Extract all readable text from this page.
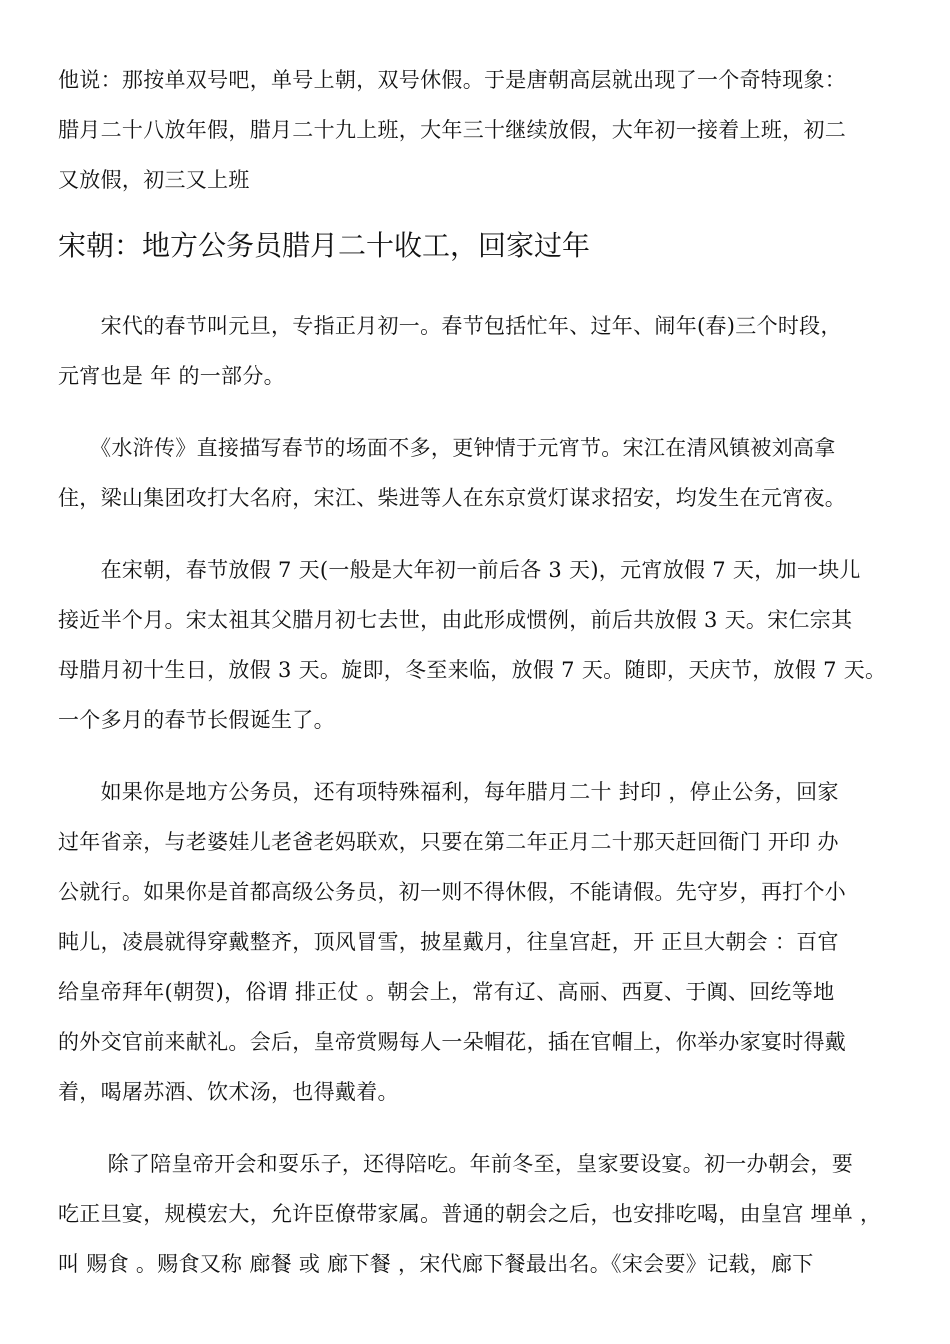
他说：那按单双号吧，单号上朝，双号休假。于是唐朝高层就出现了一个奇特现象：
腊月二十八放年假，腊月二十九上班，大年三十继续放假，大年初一接着上班，初二
又放假，初三又上班
宋朝：地方公务员腊月二十收工，回家过年
　　宋代的春节叫元旦，专指正月初一。春节包括忙年、过年、闹年(春)三个时段，
元宵也是 年 的一部分。
　　《水浒传》直接描写春节的场面不多，更钟情于元宵节。宋江在清风镇被刘高拿
住，梁山集团攻打大名府，宋江、柴进等人在东京赏灯谋求招安，均发生在元宵夜。
　　在宋朝，春节放假 7 天(一般是大年初一前后各 3 天)，元宵放假 7 天，加一块儿
接近半个月。宋太祖其父腊月初七去世，由此形成惯例，前后共放假 3 天。宋仁宗其
母腊月初十生日，放假 3 天。旋即，冬至来临，放假 7 天。随即，天庆节，放假 7 天。
一个多月的春节长假诞生了。
　　如果你是地方公务员，还有项特殊福利，每年腊月二十 封印 ，停止公务，回家
过年省亲，与老婆娃儿老爸老妈联欢，只要在第二年正月二十那天赶回衙门 开印 办
公就行。如果你是首都高级公务员，初一则不得休假，不能请假。先守岁，再打个小
盹儿，凌晨就得穿戴整齐，顶风冒雪，披星戴月，往皇宫赶，开 正旦大朝会 ：百官
给皇帝拜年(朝贺)，俗谓 排正仗 。朝会上，常有辽、高丽、西夏、于阗、回纥等地
的外交官前来献礼。会后，皇帝赏赐每人一朵帽花，插在官帽上，你举办家宴时得戴
着，喝屠苏酒、饮术汤，也得戴着。
　　 除了陪皇帝开会和耍乐子，还得陪吃。年前冬至，皇家要设宴。初一办朝会，要
吃正旦宴，规模宏大，允许臣僚带家属。普通的朝会之后，也安排吃喝，由皇宫 埋单 ，
叫 赐食 。赐食又称 廊餐 或 廊下餐 ，宋代廊下餐最出名。《宋会要》记载，廊下
